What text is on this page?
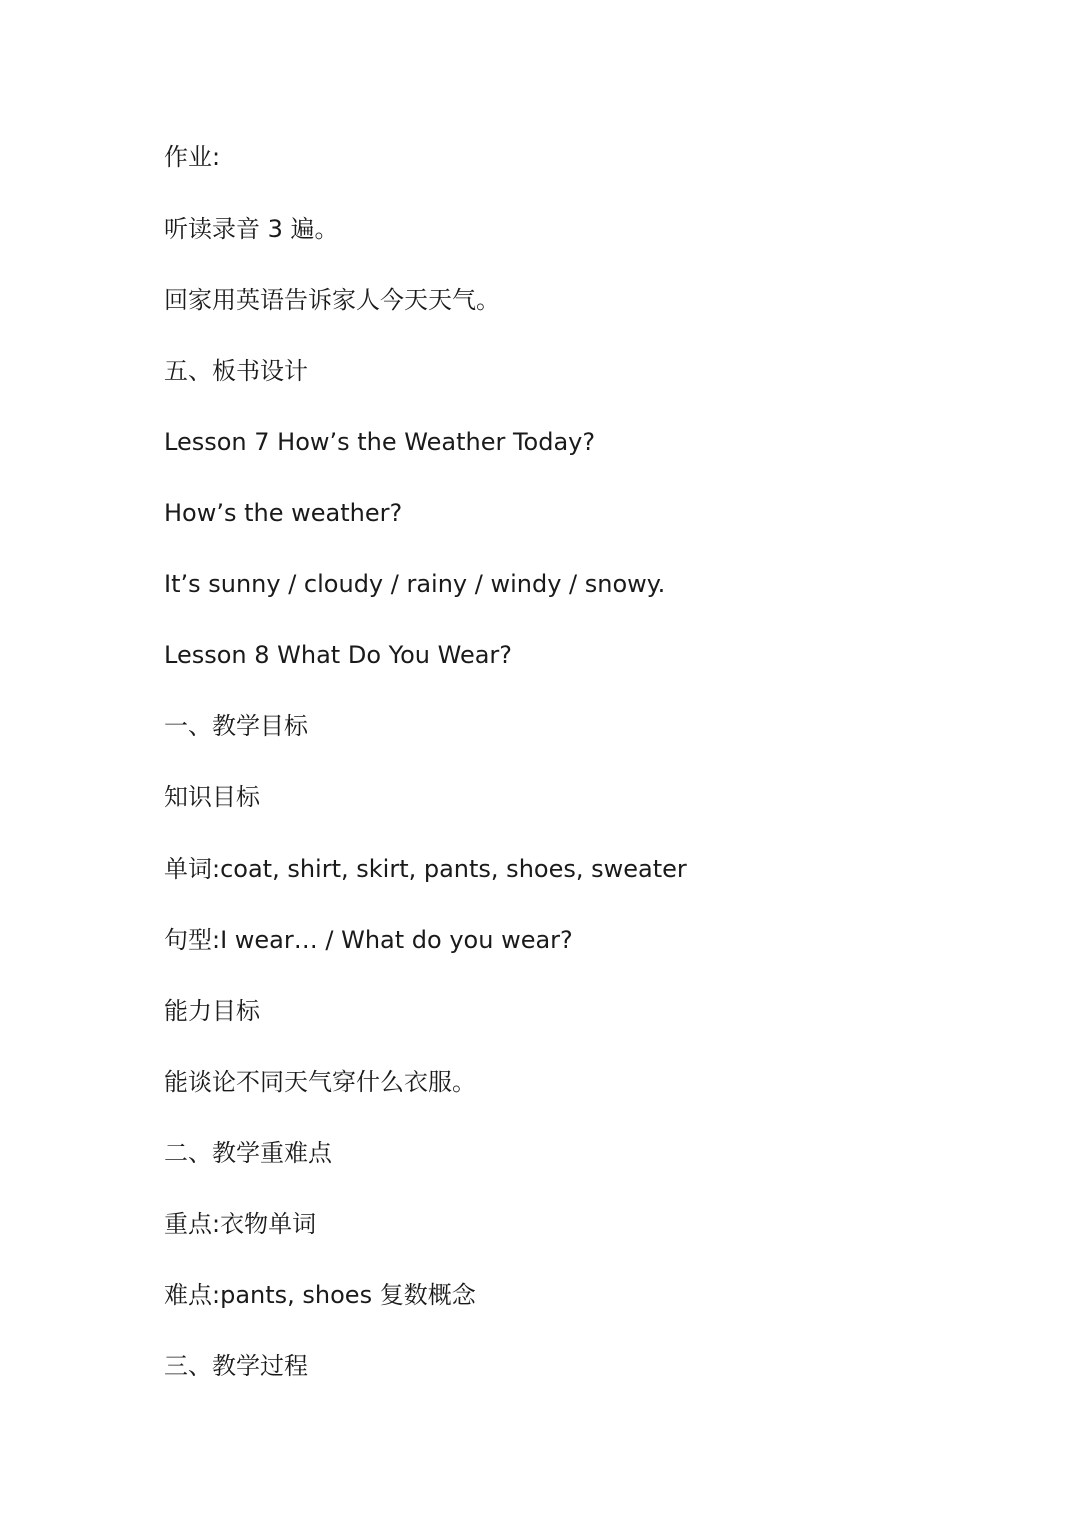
作业:

听读录音 3 遍。

回家用英语告诉家人今天天气。

五、板书设计

Lesson 7 How’s the Weather Today?

How’s the weather?

It’s sunny / cloudy / rainy / windy / snowy.

Lesson 8 What Do You Wear?

一、教学目标

知识目标

单词:coat, shirt, skirt, pants, shoes, sweater

句型:I wear… / What do you wear?

能力目标

能谈论不同天气穿什么衣服。

二、教学重难点

重点:衣物单词

难点:pants, shoes 复数概念

三、教学过程
